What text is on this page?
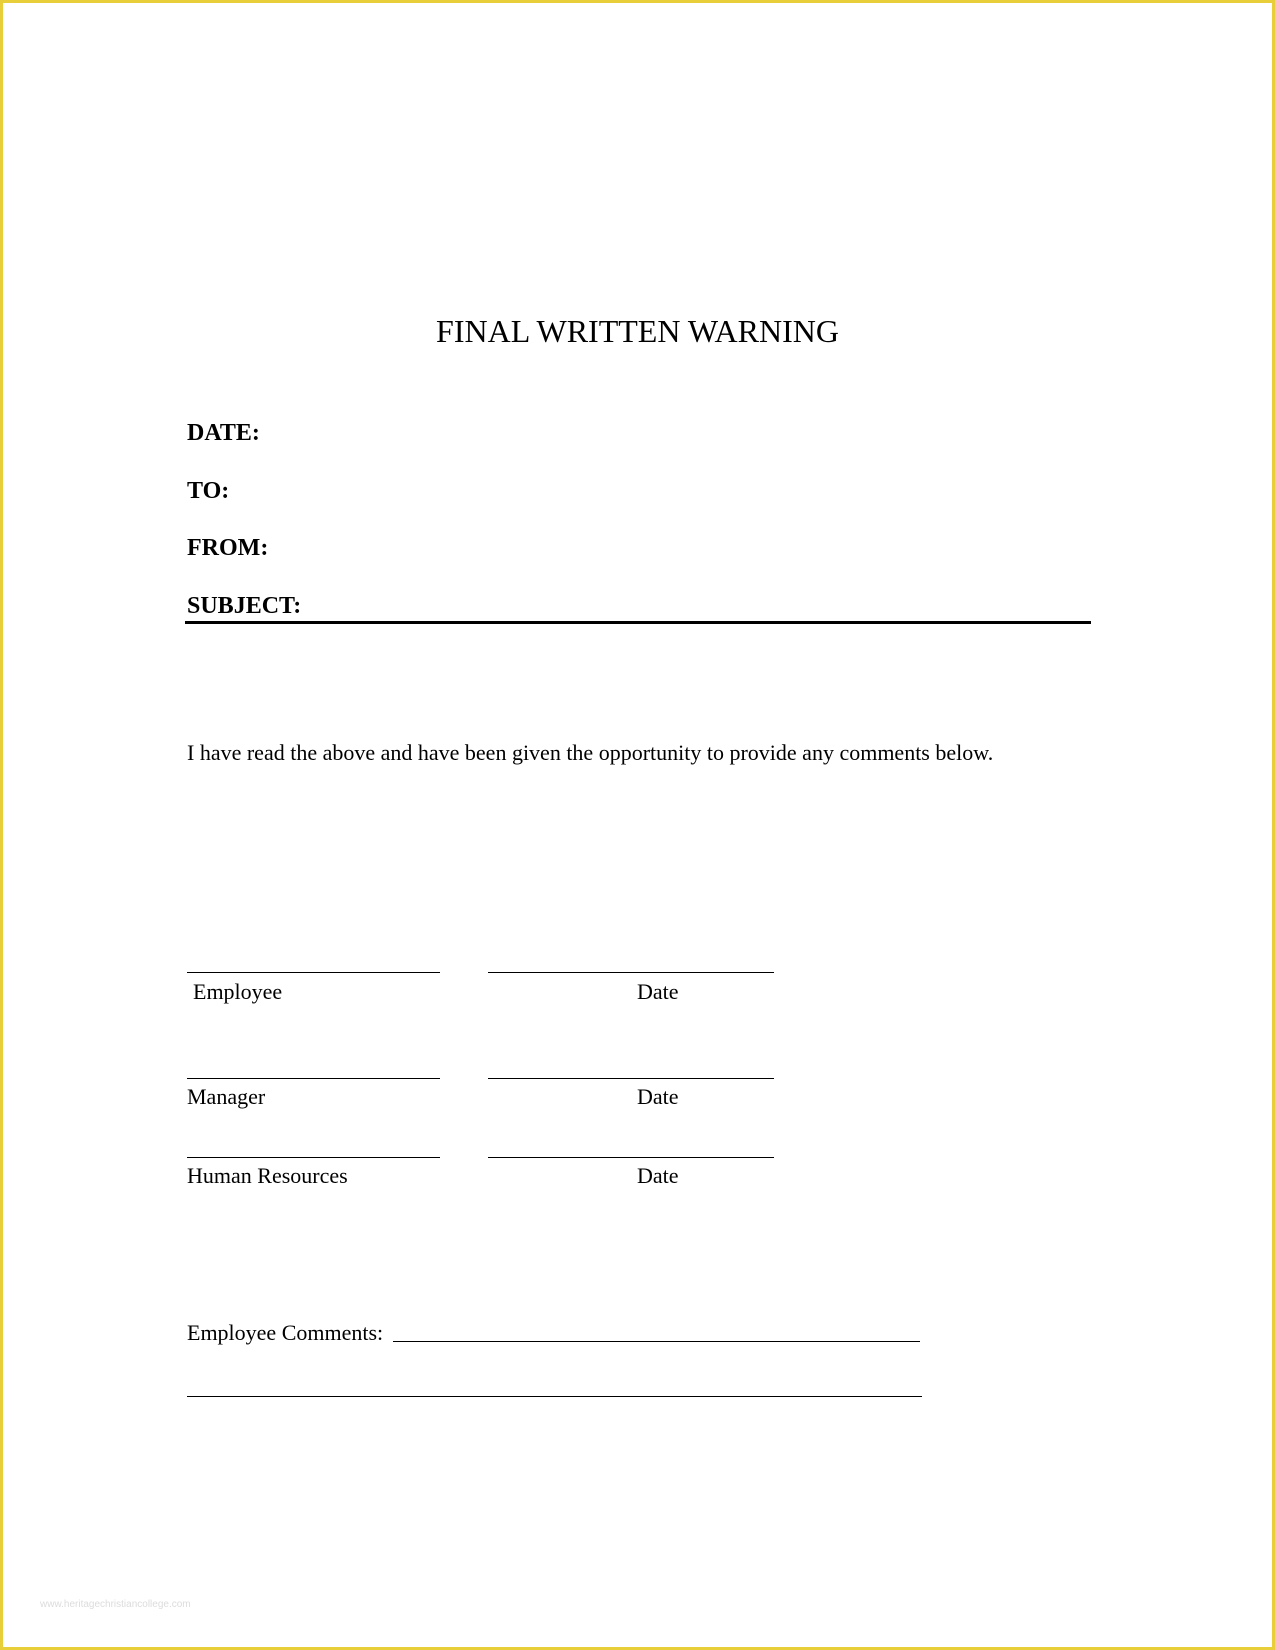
FINAL WRITTEN WARNING
DATE:
TO:
FROM:
SUBJECT:
I have read the above and have been given the opportunity to provide any comments below.
Employee	Date
Manager	Date
Human Resources	Date
Employee Comments:
www.heritagechristiancollege.com
